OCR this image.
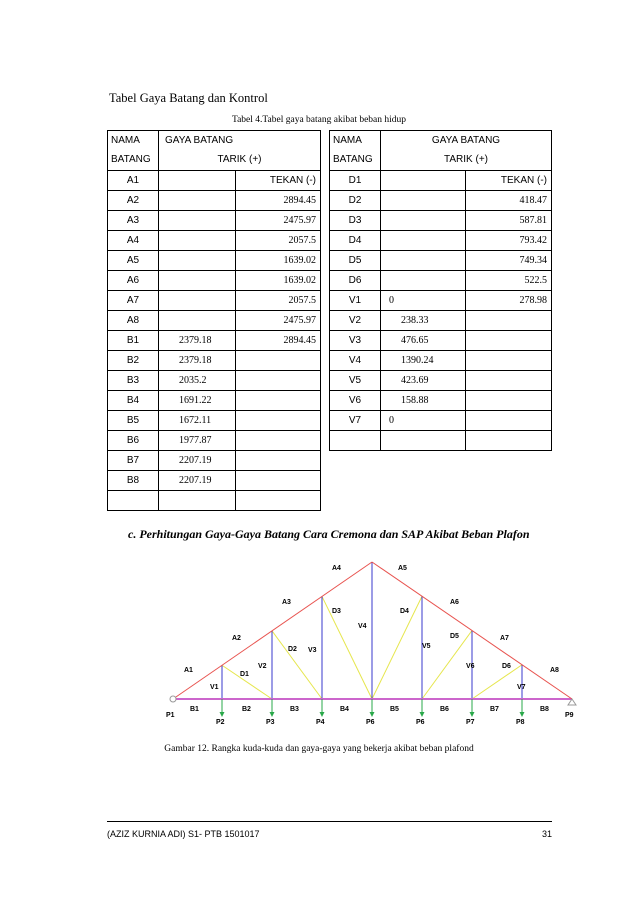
Tabel Gaya Batang dan Kontrol
Tabel 4.Tabel gaya batang akibat beban hidup
NAMA
BATANG	GAYA BATANG
TARIK (+)	

A1		TEKAN (-)
A2		2894.45
A3		2475.97
A4		2057.5
A5		1639.02
A6		1639.02
A7		2057.5
A8		2475.97
B1	2379.18	2894.45
B2	2379.18	
B3	2035.2	
B4	1691.22	
B5	1672.11	
B6	1977.87	
B7	2207.19	
B8	2207.19	

NAMA
BATANG	GAYA BATANG
TARIK (+)	

D1		TEKAN (-)
D2		418.47
D3		587.81
D4		793.42
D5		749.34
D6		522.5
V1	0	278.98
V2	238.33	
V3	476.65	
V4	1390.24	
V5	423.69	
V6	158.88	
V7	0	

c. Perhitungan Gaya-Gaya Batang Cara Cremona dan SAP Akibat Beban Plafon
A1
A2
A3
A4	A5
A6
A7
A8
B1	B2	B3	B4	B5	B6	B7	B8
V1
V2
V3
V4
V5
V6
V7
D1
D2
D3	D4
D5
D6
P1
P2	P3	P4	P6	P6	P7	P8
P9
Gambar 12. Rangka kuda-kuda dan gaya-gaya yang bekerja akibat beban plafond
(AZIZ KURNIA ADI) S1- PTB 1501017	31
